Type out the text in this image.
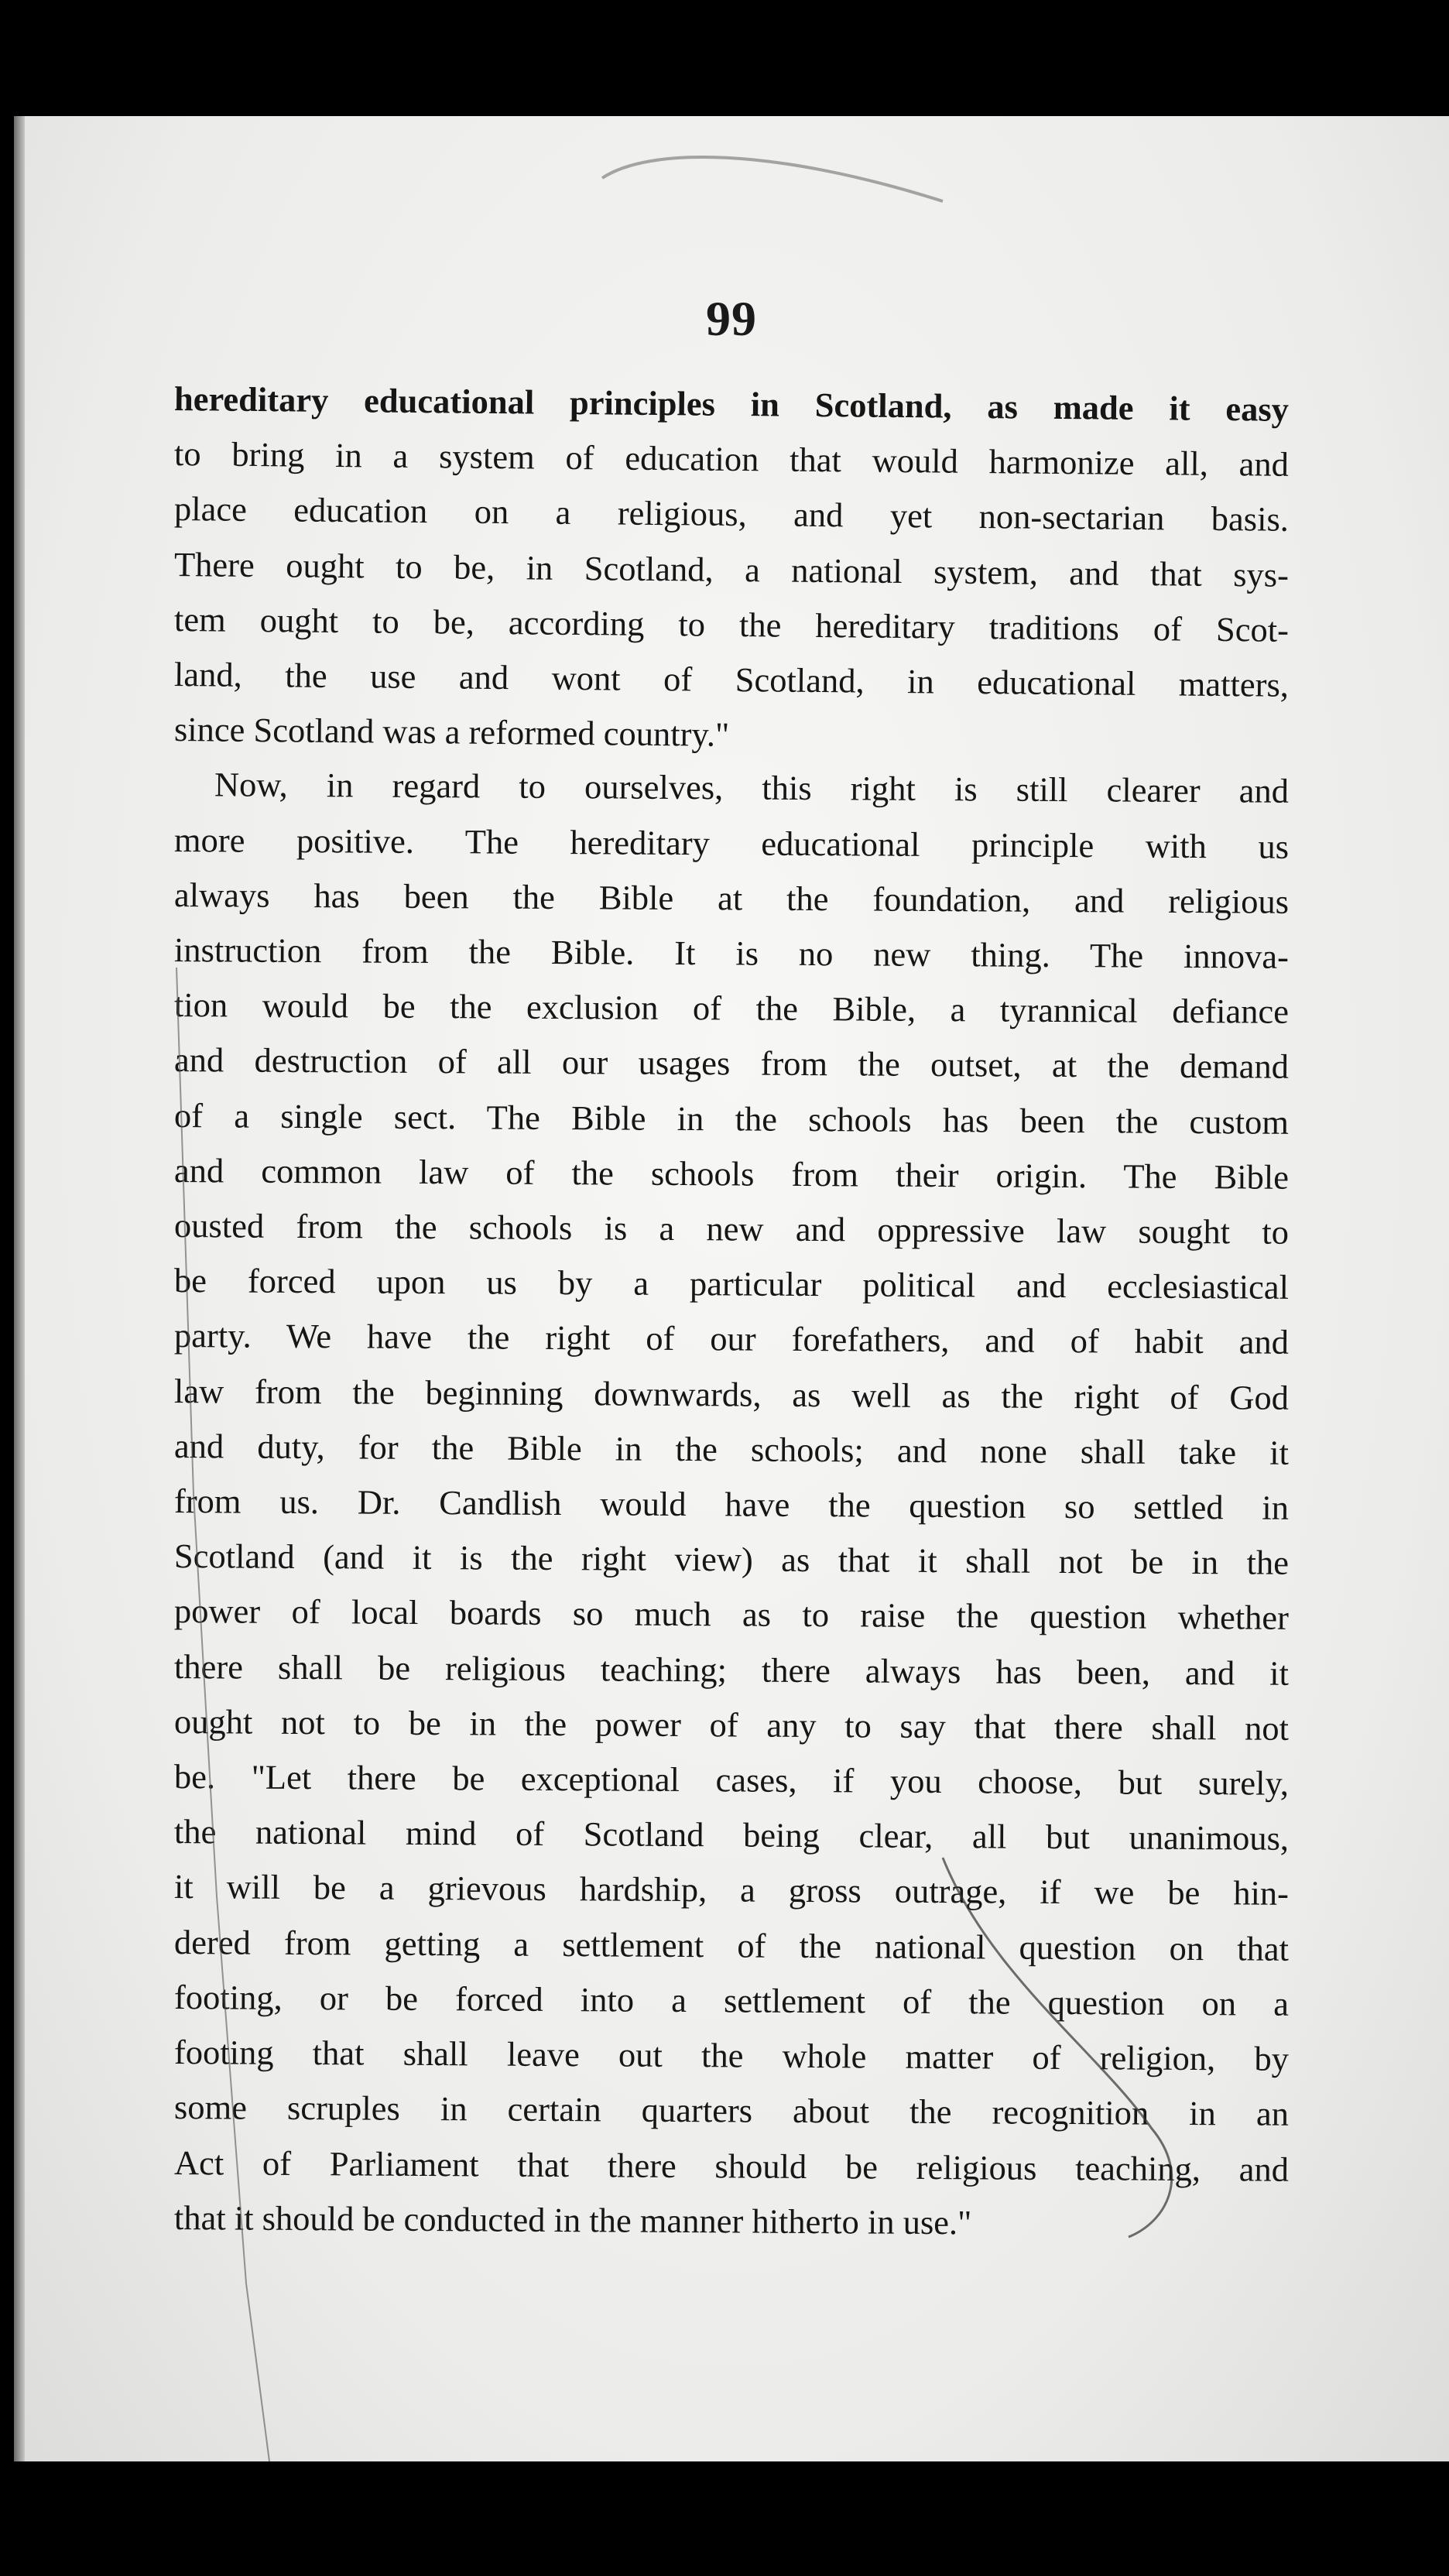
99
hereditary educational principles in Scotland, as made it easy
to bring in a system of education that would harmonize all, and
place education on a religious, and yet non-sectarian basis.
There ought to be, in Scotland, a national system, and that sys-
tem ought to be, according to the hereditary traditions of Scot-
land, the use and wont of Scotland, in educational matters,
since Scotland was a reformed country."
Now, in regard to ourselves, this right is still clearer and
more positive. The hereditary educational principle with us
always has been the Bible at the foundation, and religious
instruction from the Bible. It is no new thing. The innova-
tion would be the exclusion of the Bible, a tyrannical defiance
and destruction of all our usages from the outset, at the demand
of a single sect. The Bible in the schools has been the custom
and common law of the schools from their origin. The Bible
ousted from the schools is a new and oppressive law sought to
be forced upon us by a particular political and ecclesiastical
party. We have the right of our forefathers, and of habit and
law from the beginning downwards, as well as the right of God
and duty, for the Bible in the schools; and none shall take it
from us. Dr. Candlish would have the question so settled in
Scotland (and it is the right view) as that it shall not be in the
power of local boards so much as to raise the question whether
there shall be religious teaching; there always has been, and it
ought not to be in the power of any to say that there shall not
be. "Let there be exceptional cases, if you choose, but surely,
the national mind of Scotland being clear, all but unanimous,
it will be a grievous hardship, a gross outrage, if we be hin-
dered from getting a settlement of the national question on that
footing, or be forced into a settlement of the question on a
footing that shall leave out the whole matter of religion, by
some scruples in certain quarters about the recognition in an
Act of Parliament that there should be religious teaching, and
that it should be conducted in the manner hitherto in use."
